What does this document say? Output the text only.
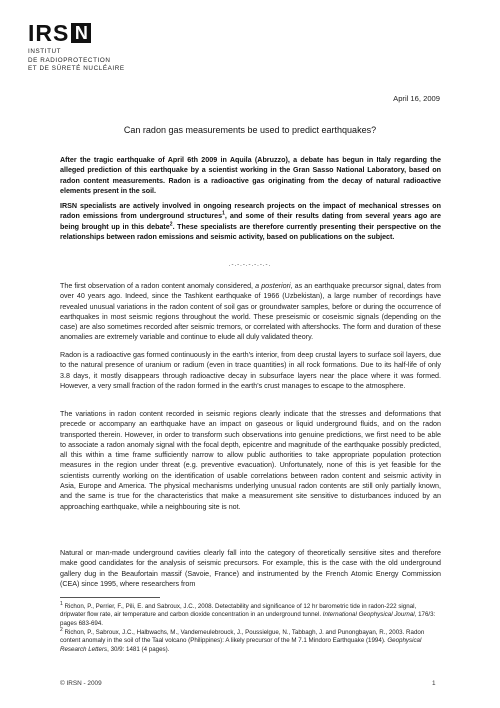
IRS N
INSTITUT
DE RADIOPROTECTION
ET DE SÛRETÉ NUCLÉAIRE
April 16, 2009
Can radon gas measurements be used to predict earthquakes?
After the tragic earthquake of April 6th 2009 in Aquila (Abruzzo), a debate has begun in Italy regarding the alleged prediction of this earthquake by a scientist working in the Gran Sasso National Laboratory, based on radon content measurements. Radon is a radioactive gas originating from the decay of natural radioactive elements present in the soil.
IRSN specialists are actively involved in ongoing research projects on the impact of mechanical stresses on radon emissions from underground structures$^1$, and some of their results dating from several years ago are being brought up in this debate$^2$. These specialists are therefore currently presenting their perspective on the relationships between radon emissions and seismic activity, based on publications on the subject.
.-.-.-.-.-.-.-.
The first observation of a radon content anomaly considered, a posteriori, as an earthquake precursor signal, dates from over 40 years ago. Indeed, since the Tashkent earthquake of 1966 (Uzbekistan), a large number of recordings have revealed unusual variations in the radon content of soil gas or groundwater samples, before or during the occurrence of earthquakes in most seismic regions throughout the world. These preseismic or coseismic signals (depending on the case) are also sometimes recorded after seismic tremors, or correlated with aftershocks. The form and duration of these anomalies are extremely variable and continue to elude all duly validated theory.
Radon is a radioactive gas formed continuously in the earth's interior, from deep crustal layers to surface soil layers, due to the natural presence of uranium or radium (even in trace quantities) in all rock formations. Due to its half-life of only 3.8 days, it mostly disappears through radioactive decay in subsurface layers near the place where it was formed. However, a very small fraction of the radon formed in the earth's crust manages to escape to the atmosphere.
The variations in radon content recorded in seismic regions clearly indicate that the stresses and deformations that precede or accompany an earthquake have an impact on gaseous or liquid underground fluids, and on the radon transported therein. However, in order to transform such observations into genuine predictions, we first need to be able to associate a radon anomaly signal with the focal depth, epicentre and magnitude of the earthquake possibly predicted, all this within a time frame sufficiently narrow to allow public authorities to take appropriate population protection measures in the region under threat (e.g. preventive evacuation). Unfortunately, none of this is yet feasible for the scientists currently working on the identification of usable correlations between radon content and seismic activity in Asia, Europe and America. The physical mechanisms underlying unusual radon contents are still only partially known, and the same is true for the characteristics that make a measurement site sensitive to disturbances induced by an approaching earthquake, while a neighbouring site is not.
Natural or man-made underground cavities clearly fall into the category of theoretically sensitive sites and therefore make good candidates for the analysis of seismic precursors. For example, this is the case with the old underground gallery dug in the Beaufortain massif (Savoie, France) and instrumented by the French Atomic Energy Commission (CEA) since 1995, where researchers from
$^1$ Richon, P., Perrier, F., Pili, E. and Sabroux, J.C., 2008. Detectability and significance of 12 hr barometric tide in radon-222 signal, dripwater flow rate, air temperature and carbon dioxide concentration in an underground tunnel. International Geophysical Journal, 176/3: pages 683-694.
$^2$ Richon, P., Sabroux, J.C., Halbwachs, M., Vandemeulebrouck, J., Poussielgue, N., Tabbagh, J. and Punongbayan, R., 2003. Radon content anomaly in the soil of the Taal volcano (Philippines): A likely precursor of the M 7.1 Mindoro Earthquake (1994). Geophysical Research Letters, 30/9: 1481 (4 pages).
© IRSN - 2009	1
